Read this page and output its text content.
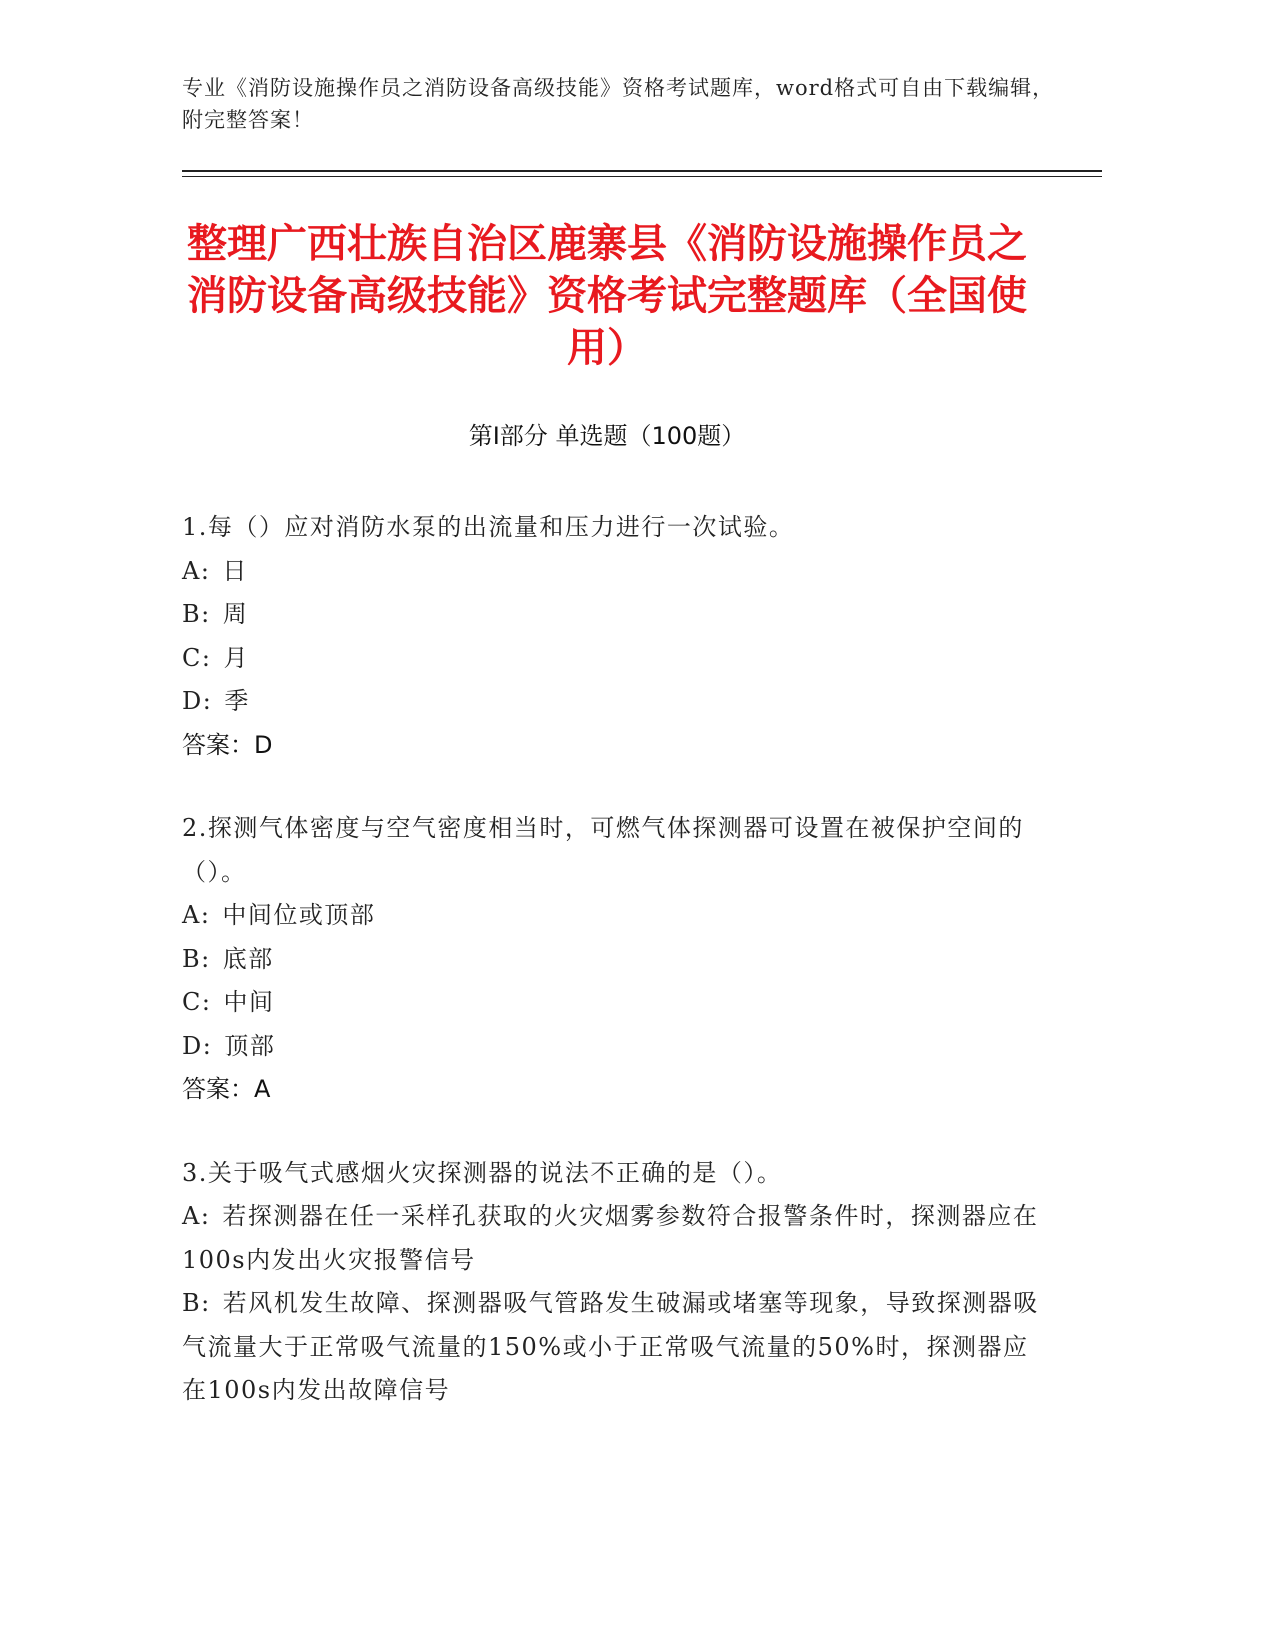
专业《消防设施操作员之消防设备高级技能》资格考试题库，word格式可自由下载编辑，附完整答案！
整理广西壮族自治区鹿寨县《消防设施操作员之消防设备高级技能》资格考试完整题库（全国使用）
第Ⅰ部分 单选题（100题）
1.每（）应对消防水泵的出流量和压力进行一次试验。
A: 日
B: 周
C: 月
D: 季
答案：D
2.探测气体密度与空气密度相当时，可燃气体探测器可设置在被保护空间的（）。
A: 中间位或顶部
B: 底部
C: 中间
D: 顶部
答案：A
3.关于吸气式感烟火灾探测器的说法不正确的是（）。
A: 若探测器在任一采样孔获取的火灾烟雾参数符合报警条件时，探测器应在100s内发出火灾报警信号
B: 若风机发生故障、探测器吸气管路发生破漏或堵塞等现象，导致探测器吸气流量大于正常吸气流量的150%或小于正常吸气流量的50%时，探测器应在100s内发出故障信号
